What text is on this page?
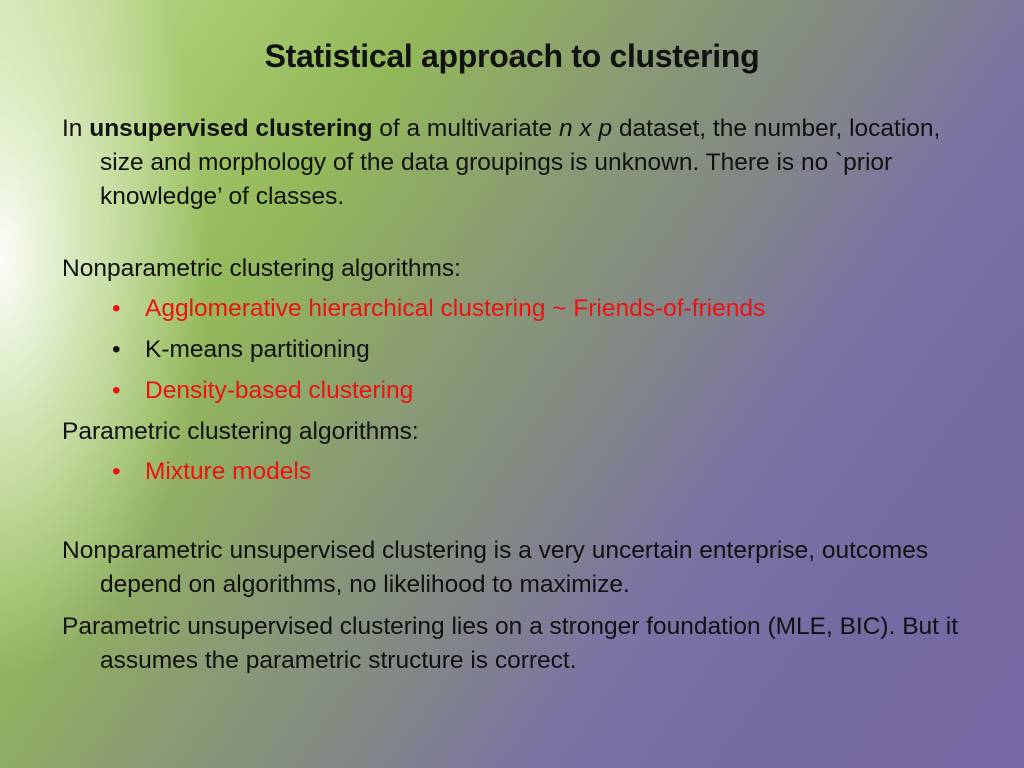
Statistical approach to clustering

In unsupervised clustering of a multivariate n x p dataset, the number, location, size and morphology of the data groupings is unknown. There is no `prior knowledge’ of classes.

Nonparametric clustering algorithms:

• Agglomerative hierarchical clustering ~ Friends-of-friends
• K-means partitioning
• Density-based clustering

Parametric clustering algorithms:

• Mixture models

Nonparametric unsupervised clustering is a very uncertain enterprise, outcomes depend on algorithms, no likelihood to maximize.

Parametric unsupervised clustering lies on a stronger foundation (MLE, BIC). But it assumes the parametric structure is correct.
